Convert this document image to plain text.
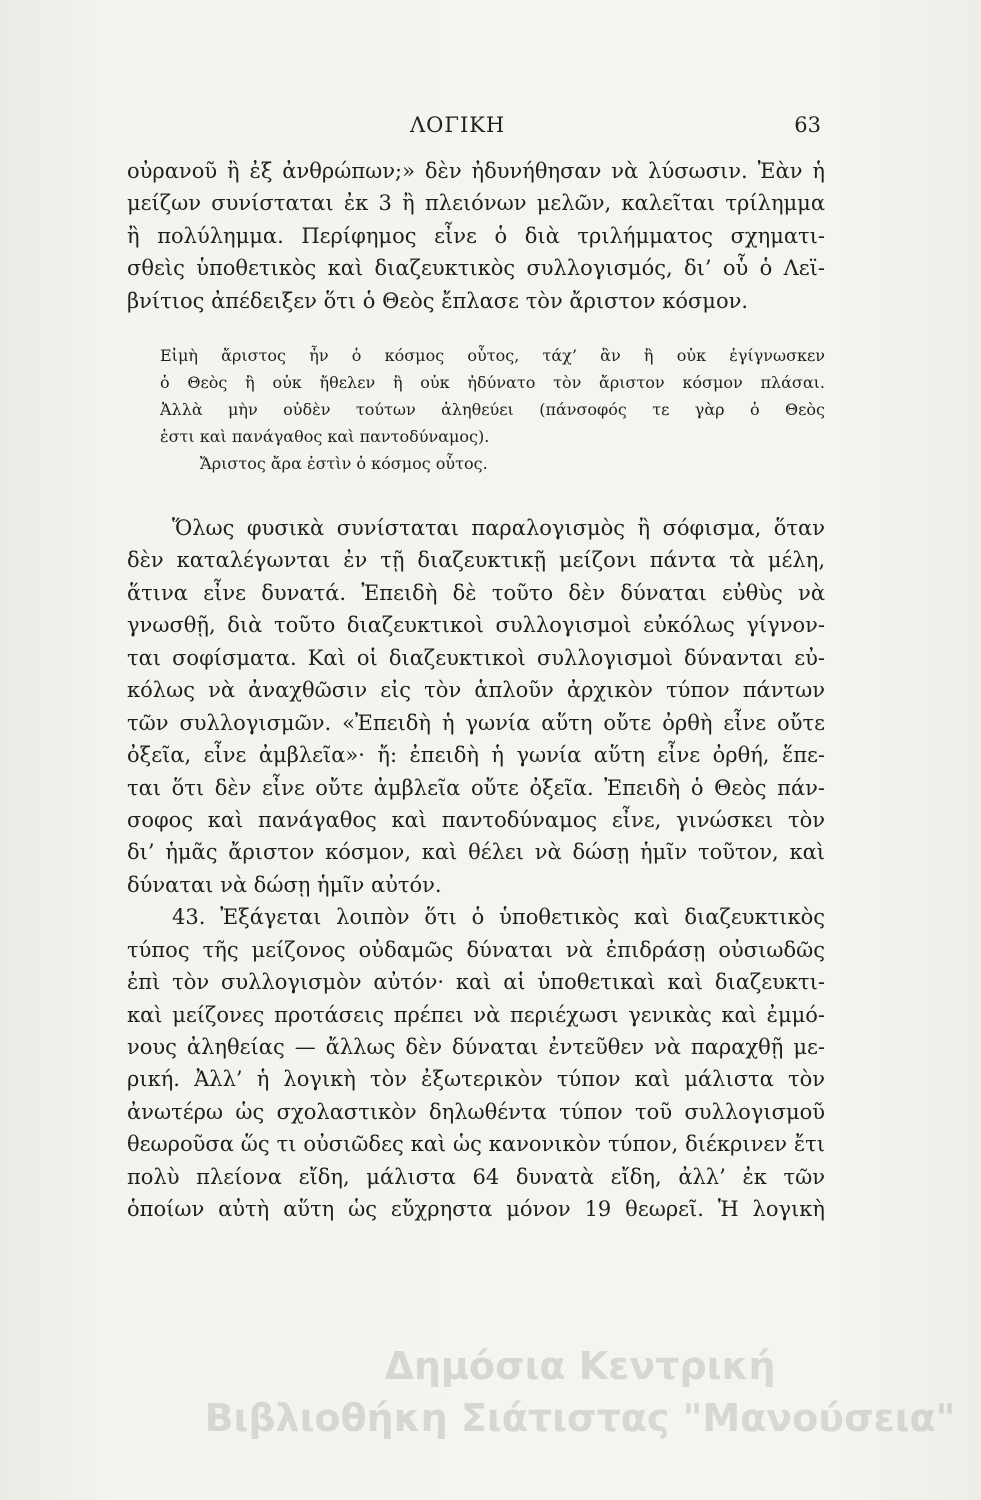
ΛΟΓΙΚΗ	63
οὐρανοῦ ἢ ἐξ ἀνθρώπων;» δὲν ἠδυνήθησαν νὰ λύσωσιν. Ἐὰν ἡ
μείζων συνίσταται ἐκ 3 ἢ πλειόνων μελῶν, καλεῖται τρίλημμα
ἢ πολύλημμα. Περίφημος εἶνε ὁ διὰ τριλήμματος σχηματι-
σθεὶς ὑποθετικὸς καὶ διαζευκτικὸς συλλογισμός, δι’ οὗ ὁ Λεϊ-
βνίτιος ἀπέδειξεν ὅτι ὁ Θεὸς ἔπλασε τὸν ἄριστον κόσμον.
Εἰμὴ ἄριστος ἦν ὁ κόσμος οὗτος, τάχ’ ἂν ἢ οὐκ ἐγίγνωσκεν
ὁ Θεὸς ἢ οὐκ ἤθελεν ἢ οὐκ ἠδύνατο τὸν ἄριστον κόσμον πλάσαι.
Ἀλλὰ μὴν οὐδὲν τούτων ἀληθεύει (πάνσοφός τε γὰρ ὁ Θεὸς
ἐστι καὶ πανάγαθος καὶ παντοδύναμος).
Ἄριστος ἄρα ἐστὶν ὁ κόσμος οὗτος.
Ὅλως φυσικὰ συνίσταται παραλογισμὸς ἢ σόφισμα, ὅταν
δὲν καταλέγωνται ἐν τῇ διαζευκτικῇ μείζονι πάντα τὰ μέλη,
ἅτινα εἶνε δυνατά. Ἐπειδὴ δὲ τοῦτο δὲν δύναται εὐθὺς νὰ
γνωσθῇ, διὰ τοῦτο διαζευκτικοὶ συλλογισμοὶ εὐκόλως γίγνον-
ται σοφίσματα. Καὶ οἱ διαζευκτικοὶ συλλογισμοὶ δύνανται εὐ-
κόλως νὰ ἀναχθῶσιν εἰς τὸν ἁπλοῦν ἀρχικὸν τύπον πάντων
τῶν συλλογισμῶν. «Ἐπειδὴ ἡ γωνία αὕτη οὔτε ὀρθὴ εἶνε οὔτε
ὀξεῖα, εἶνε ἀμβλεῖα»· ἤ: ἐπειδὴ ἡ γωνία αὕτη εἶνε ὀρθή, ἕπε-
ται ὅτι δὲν εἶνε οὔτε ἀμβλεῖα οὔτε ὀξεῖα. Ἐπειδὴ ὁ Θεὸς πάν-
σοφος καὶ πανάγαθος καὶ παντοδύναμος εἶνε, γινώσκει τὸν
δι’ ἡμᾶς ἄριστον κόσμον, καὶ θέλει νὰ δώσῃ ἡμῖν τοῦτον, καὶ
δύναται νὰ δώσῃ ἡμῖν αὐτόν.
43. Ἐξάγεται λοιπὸν ὅτι ὁ ὑποθετικὸς καὶ διαζευκτικὸς
τύπος τῆς μείζονος οὐδαμῶς δύναται νὰ ἐπιδράσῃ οὐσιωδῶς
ἐπὶ τὸν συλλογισμὸν αὐτόν· καὶ αἱ ὑποθετικαὶ καὶ διαζευκτι-
καὶ μείζονες προτάσεις πρέπει νὰ περιέχωσι γενικὰς καὶ ἐμμό-
νους ἀληθείας — ἄλλως δὲν δύναται ἐντεῦθεν νὰ παραχθῇ με-
ρική. Ἀλλ’ ἡ λογικὴ τὸν ἐξωτερικὸν τύπον καὶ μάλιστα τὸν
ἀνωτέρω ὡς σχολαστικὸν δηλωθέντα τύπον τοῦ συλλογισμοῦ
θεωροῦσα ὥς τι οὐσιῶδες καὶ ὡς κανονικὸν τύπον, διέκρινεν ἔτι
πολὺ πλείονα εἴδη, μάλιστα 64 δυνατὰ εἴδη, ἀλλ’ ἐκ τῶν
ὁποίων αὐτὴ αὕτη ὡς εὔχρηστα μόνον 19 θεωρεῖ. Ἡ λογικὴ
Δημόσια Κεντρική
Βιβλιοθήκη Σιάτιστας "Μανούσεια"
